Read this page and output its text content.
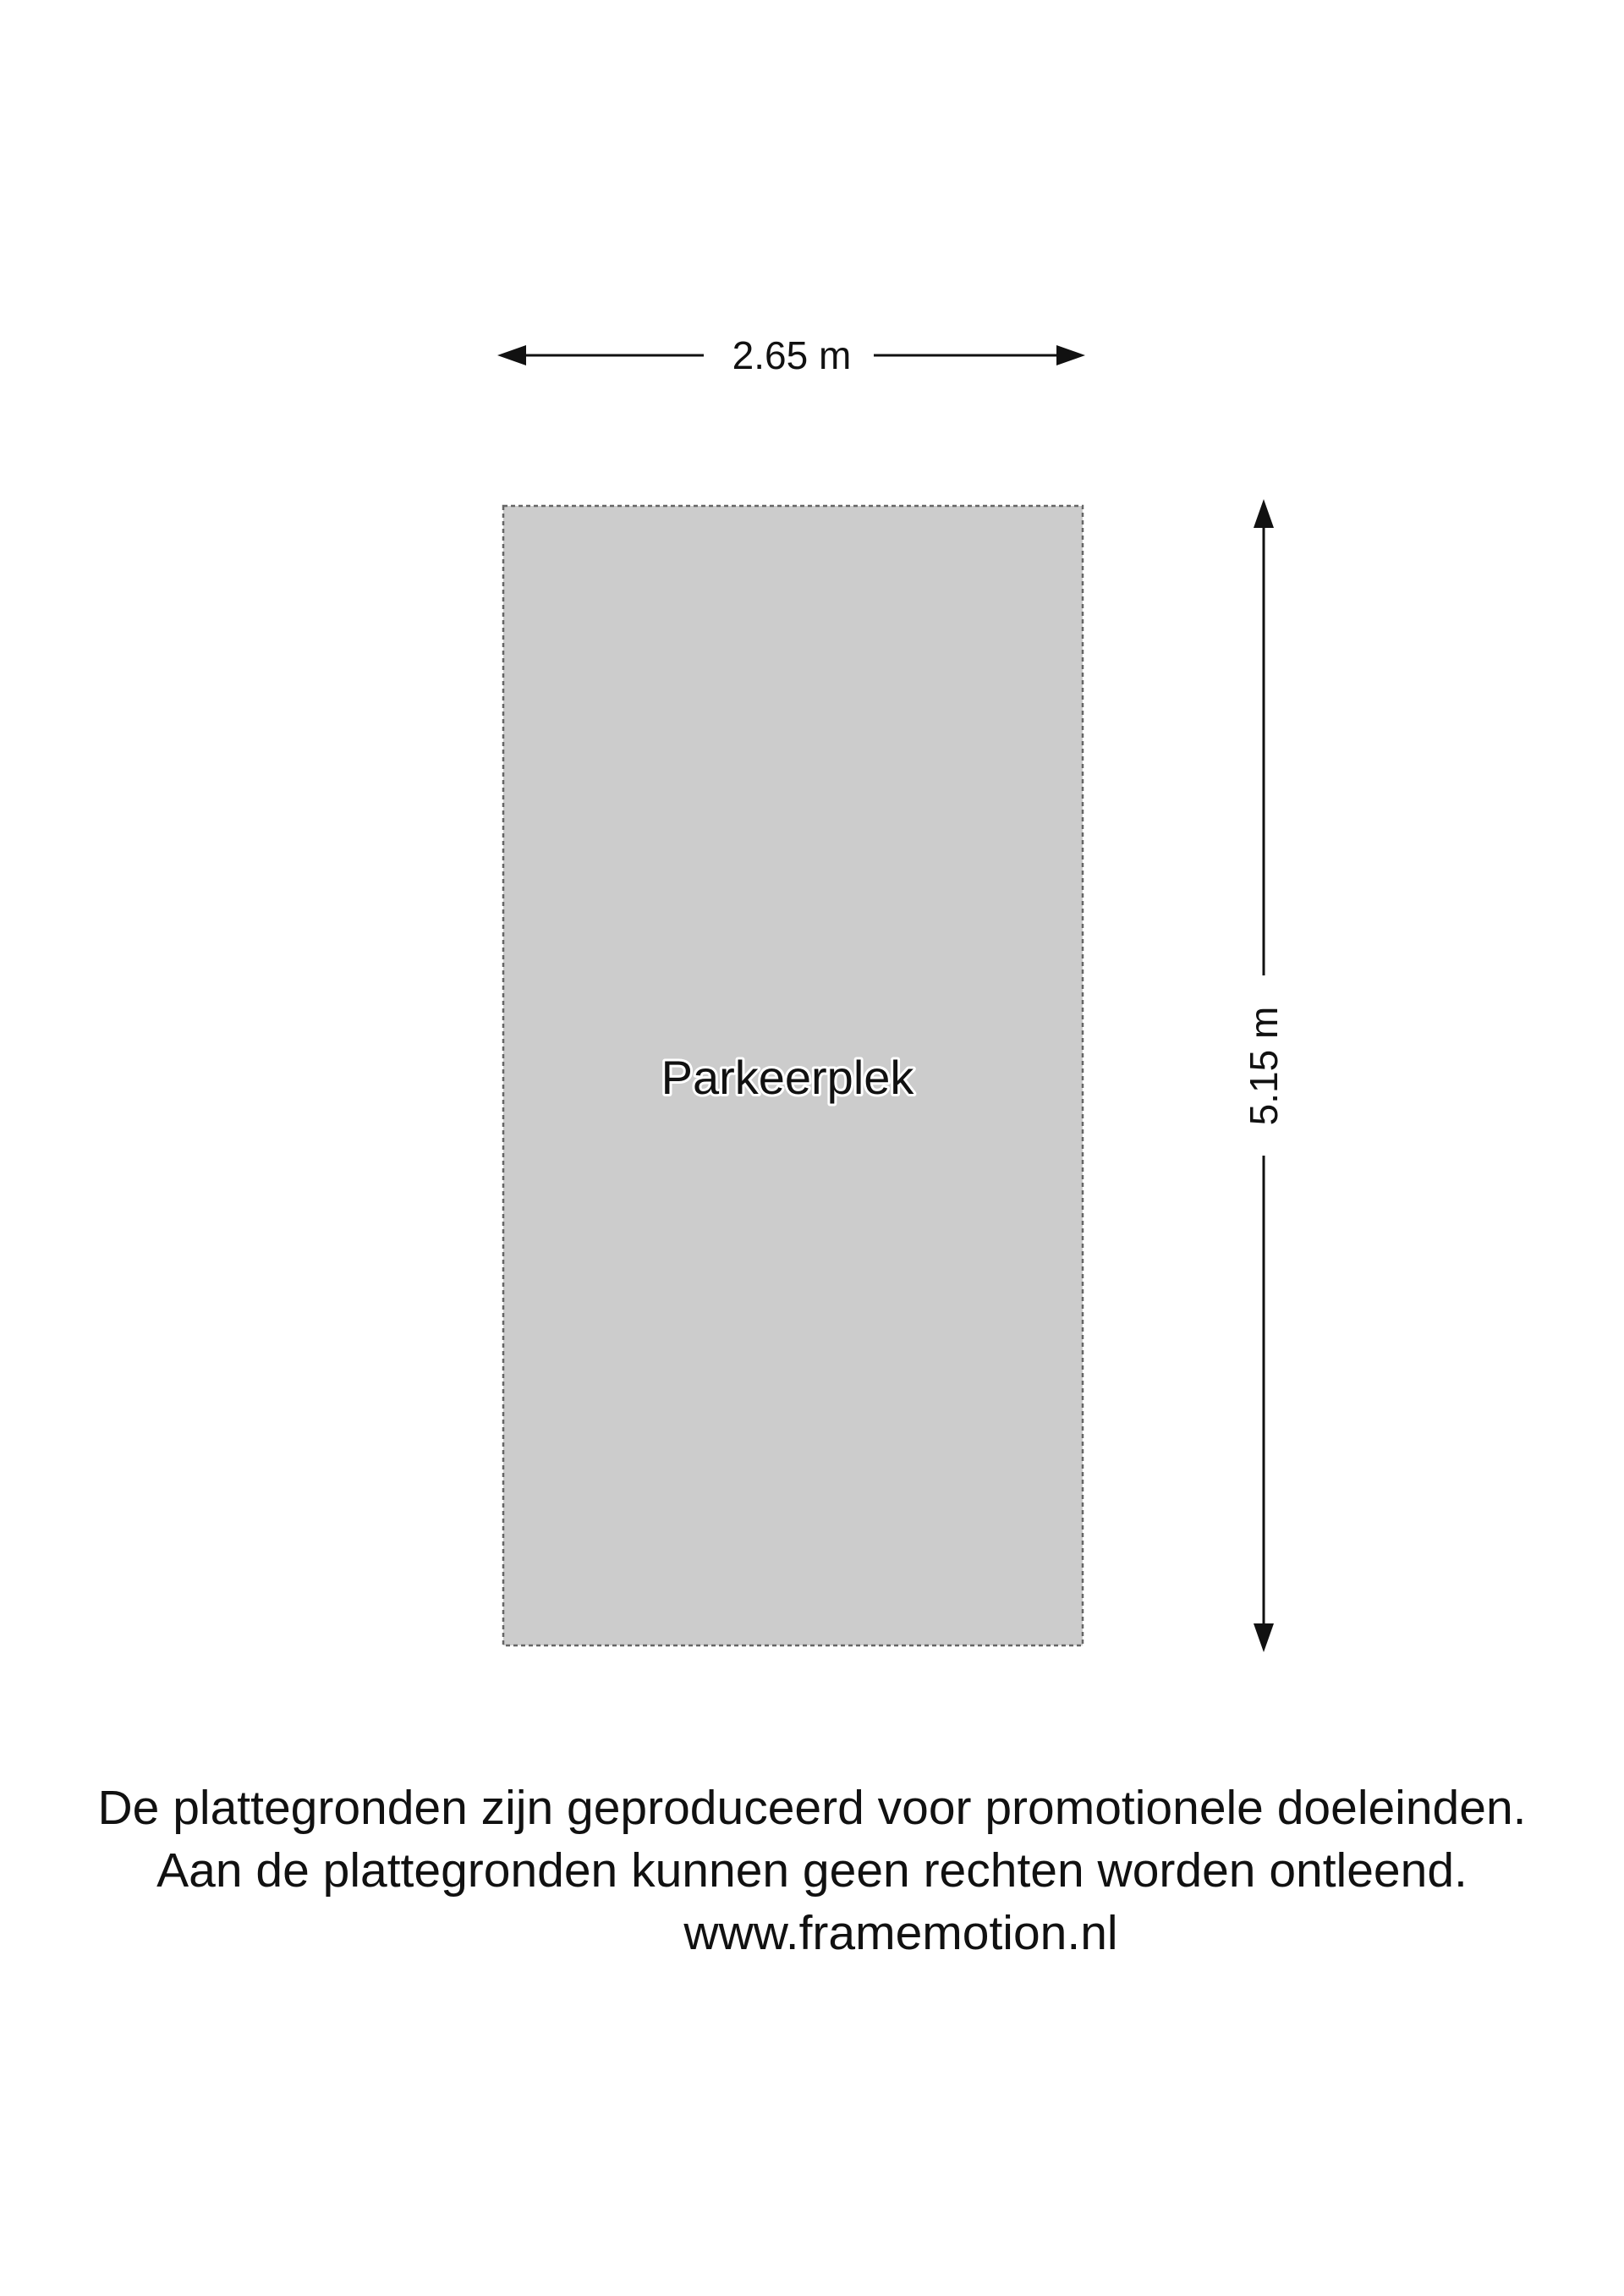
2.65 m
Parkeerplek	5.15 m
De plattegronden zijn geproduceerd voor promotionele doeleinden.
Aan de plattegronden kunnen geen rechten worden ontleend.
www.framemotion.nl
